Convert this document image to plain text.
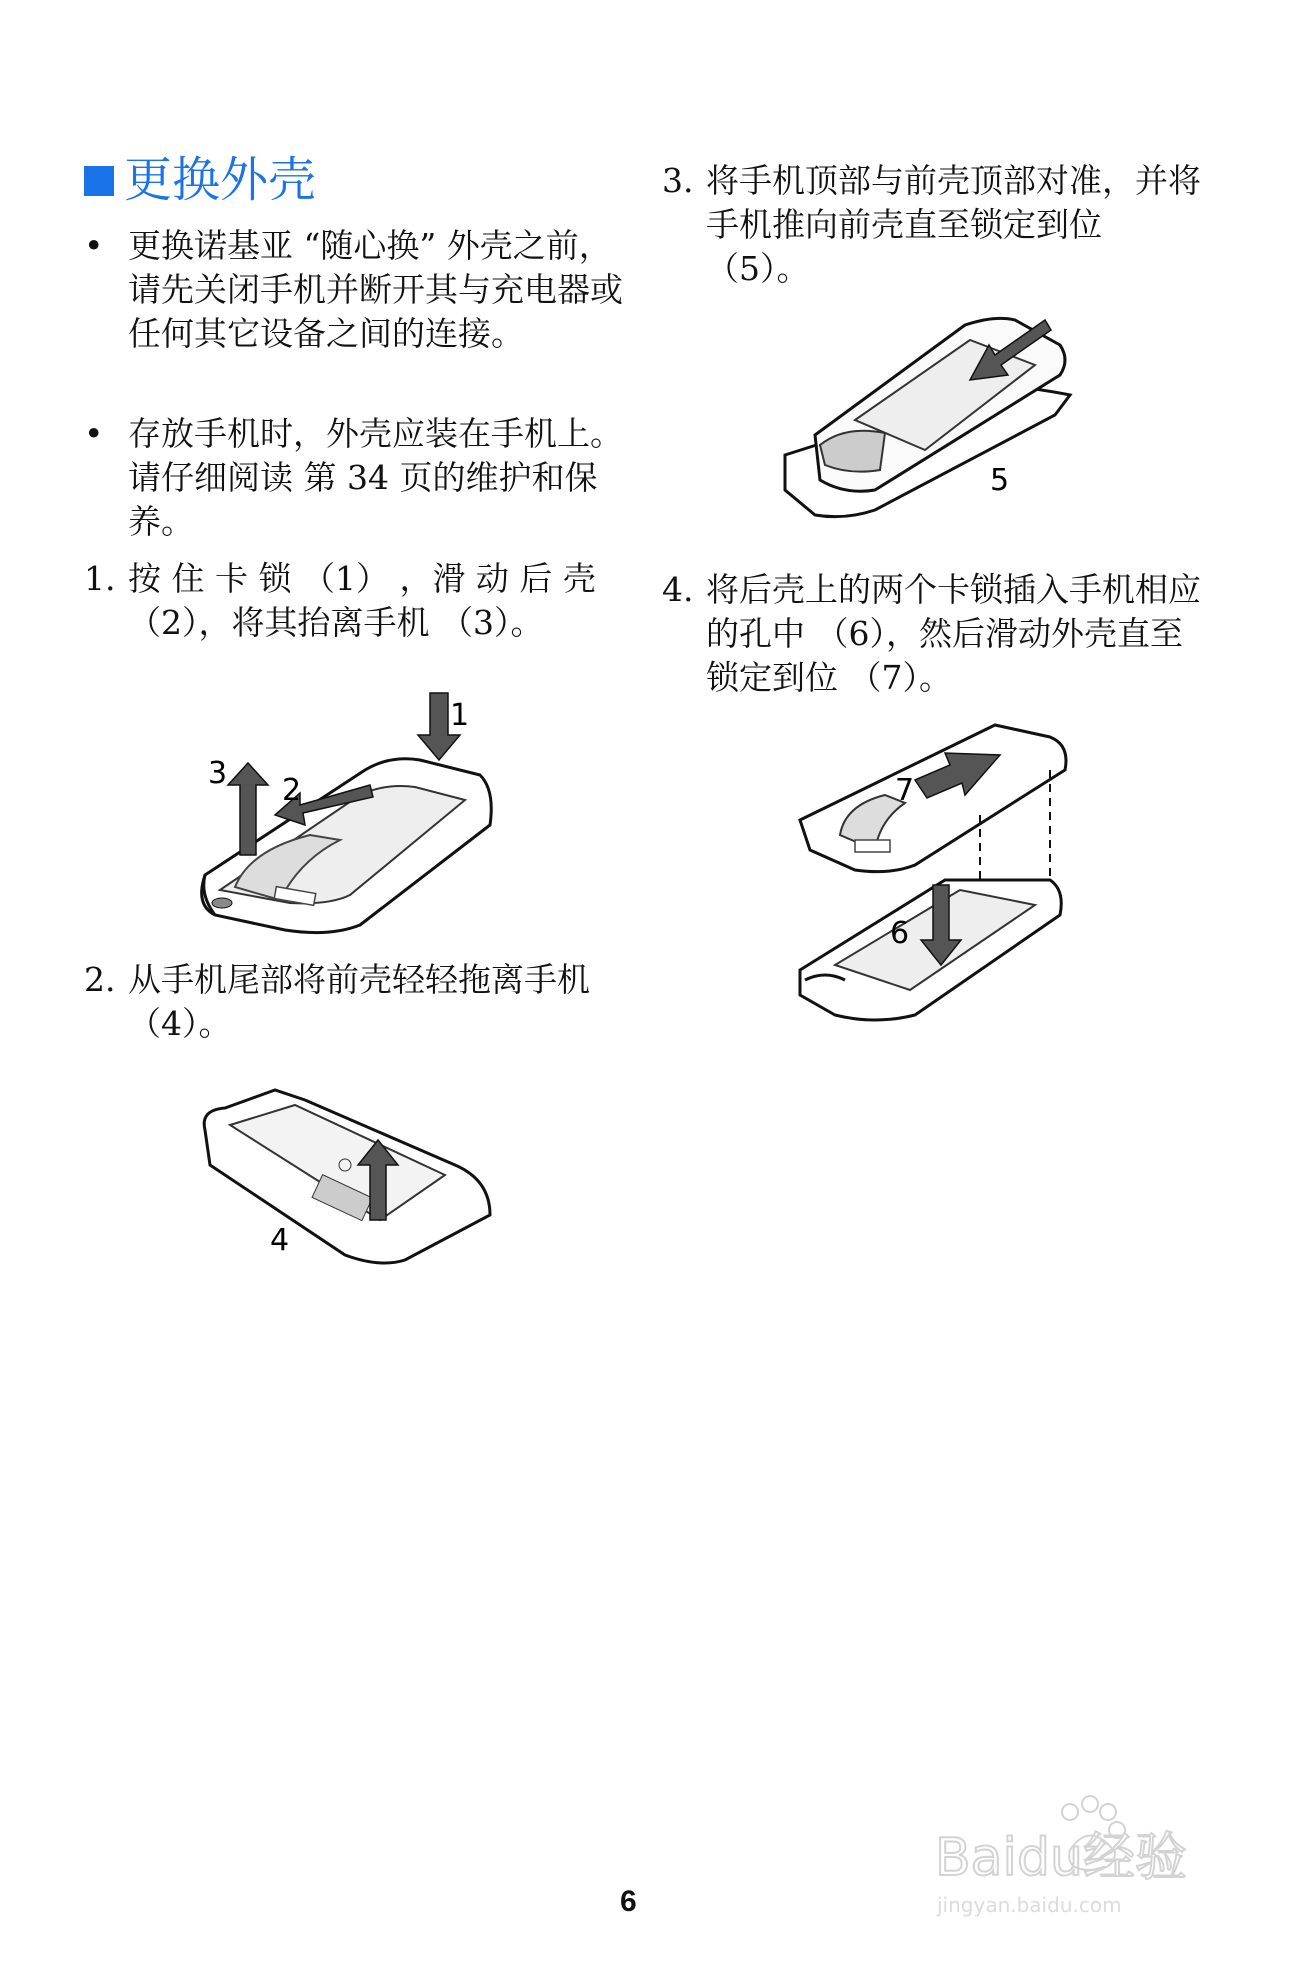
更换外壳
• 更换诺基亚 “随心换” 外壳之前，请先关闭手机并断开其与充电器或任何其它设备之间的连接。
• 存放手机时，外壳应装在手机上。请仔细阅读 第 34 页的维护和保养。
1. 按 住 卡 锁 （1） ，滑 动 后 壳（2），将其抬离手机 （3）。
1
2
3
2. 从手机尾部将前壳轻轻拖离手机 （4）。
4
3. 将手机顶部与前壳顶部对准，并将手机推向前壳直至锁定到位 （5）。
5
4. 将后壳上的两个卡锁插入手机相应的孔中 （6），然后滑动外壳直至锁定到位 （7）。
7
6
6
Baidu经验
jingyan.baidu.com
